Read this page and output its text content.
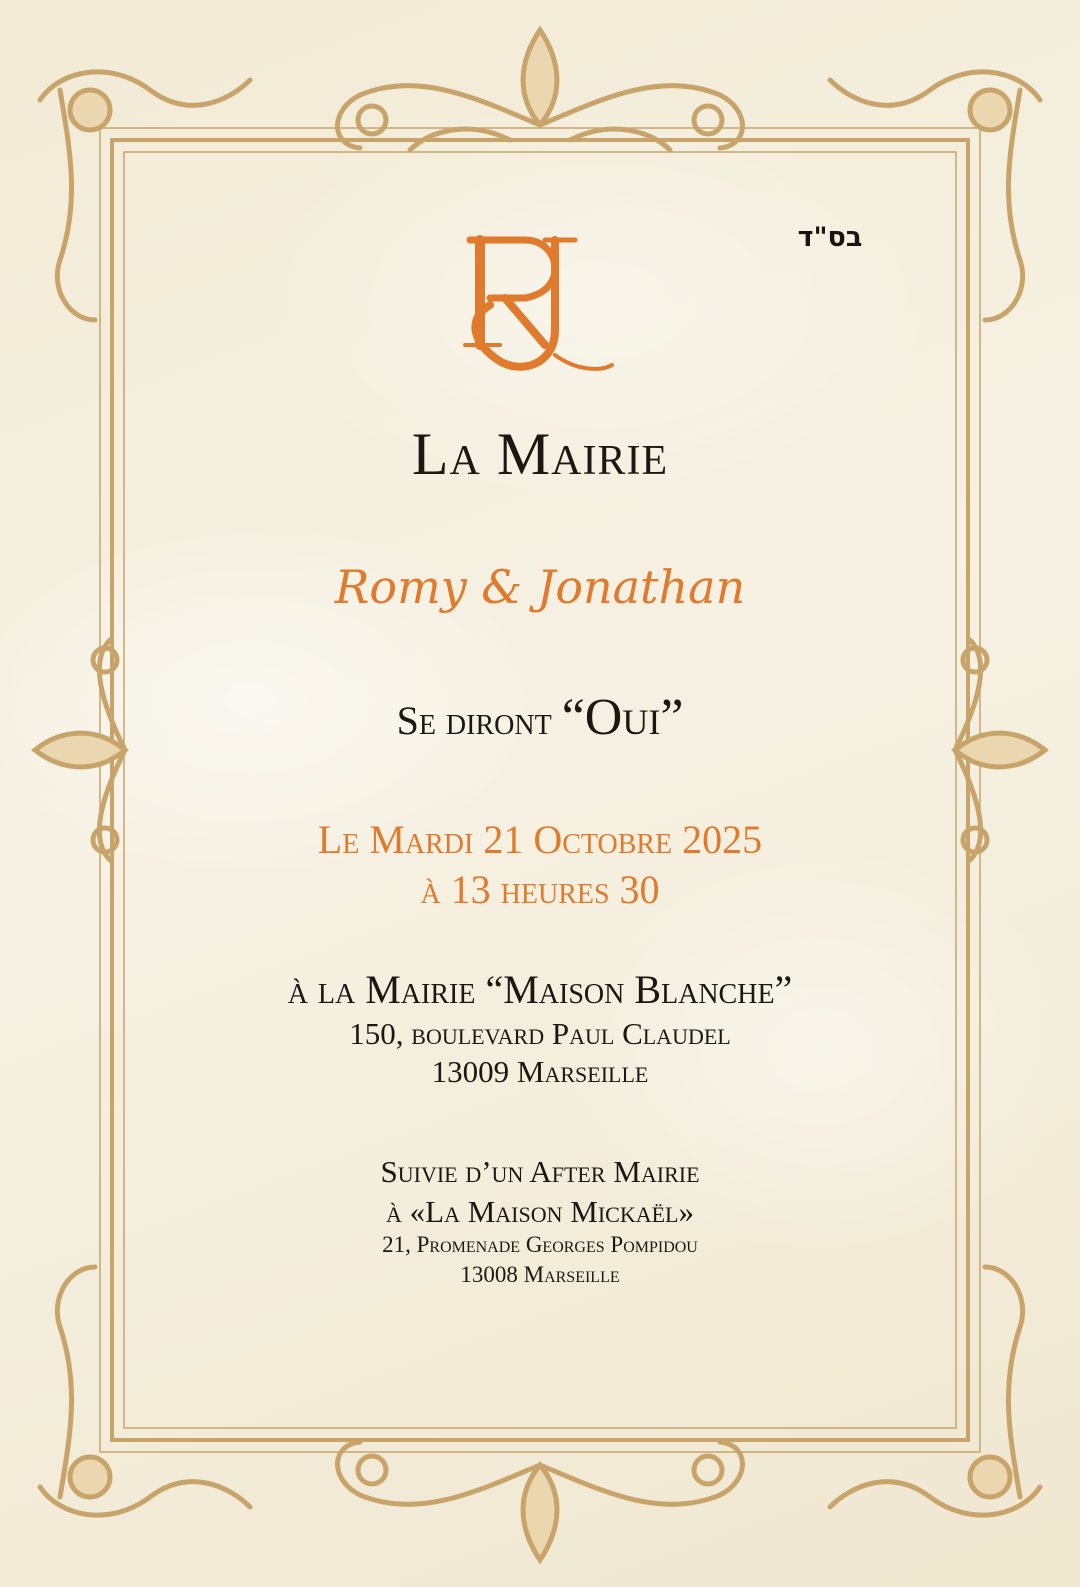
בס"ד
La Mairie
Romy & Jonathan
Se diront “Oui”
Le Mardi 21 Octobre 2025
à 13 heures 30
à la Mairie “Maison Blanche”
150, boulevard Paul Claudel
13009 Marseille
Suivie d’un After Mairie
à «La Maison Mickaël»
21, Promenade Georges Pompidou
13008 Marseille
